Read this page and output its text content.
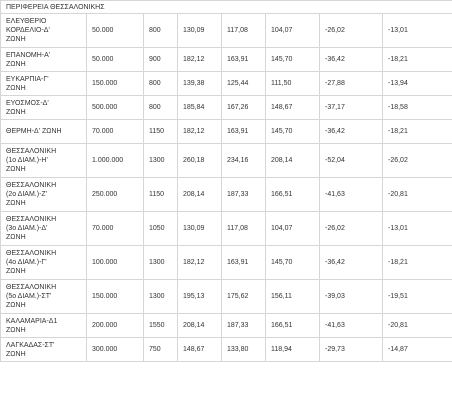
ΠΕΡΙΦΕΡΕΙΑ ΘΕΣΣΑΛΟΝΙΚΗΣ							

ΕΛΕΥΘΕΡΙΟ
ΚΟΡΔΕΛΙΟ-Δ'
ΖΩΝΗ	50.000	800	130,09	117,08	104,07	-26,02	-13,01

ΕΠΑΝΟΜΗ-Α'
ΖΩΝΗ	50.000	900	182,12	163,91	145,70	-36,42	-18,21

ΕΥΚΑΡΠΙΑ-Γ'
ΖΩΝΗ	150.000	800	139,38	125,44	111,50	-27,88	-13,94

ΕΥΟΣΜΟΣ-Δ'
ΖΩΝΗ	500.000	800	185,84	167,26	148,67	-37,17	-18,58

ΘΕΡΜΗ-Δ' ΖΩΝΗ	70.000	1150	182,12	163,91	145,70	-36,42	-18,21

ΘΕΣΣΑΛΟΝΙΚΗ
(1ο ΔΙΑΜ.)-Η'
ΖΩΝΗ	1.000.000	1300	260,18	234,16	208,14	-52,04	-26,02

ΘΕΣΣΑΛΟΝΙΚΗ
(2ο ΔΙΑΜ.)-Ζ'
ΖΩΝΗ	250.000	1150	208,14	187,33	166,51	-41,63	-20,81

ΘΕΣΣΑΛΟΝΙΚΗ
(3ο ΔΙΑΜ.)-Δ'
ΖΩΝΗ	70.000	1050	130,09	117,08	104,07	-26,02	-13,01

ΘΕΣΣΑΛΟΝΙΚΗ
(4ο ΔΙΑΜ.)-Γ'
ΖΩΝΗ	100.000	1300	182,12	163,91	145,70	-36,42	-18,21

ΘΕΣΣΑΛΟΝΙΚΗ
(5ο ΔΙΑΜ.)-ΣΤ'
ΖΩΝΗ	150.000	1300	195,13	175,62	156,11	-39,03	-19,51

ΚΑΛΑΜΑΡΙΑ-Δ1
ΖΩΝΗ	200.000	1550	208,14	187,33	166,51	-41,63	-20,81

ΛΑΓΚΑΔΑΣ-ΣΤ'
ΖΩΝΗ	300.000	750	148,67	133,80	118,94	-29,73	-14,87
